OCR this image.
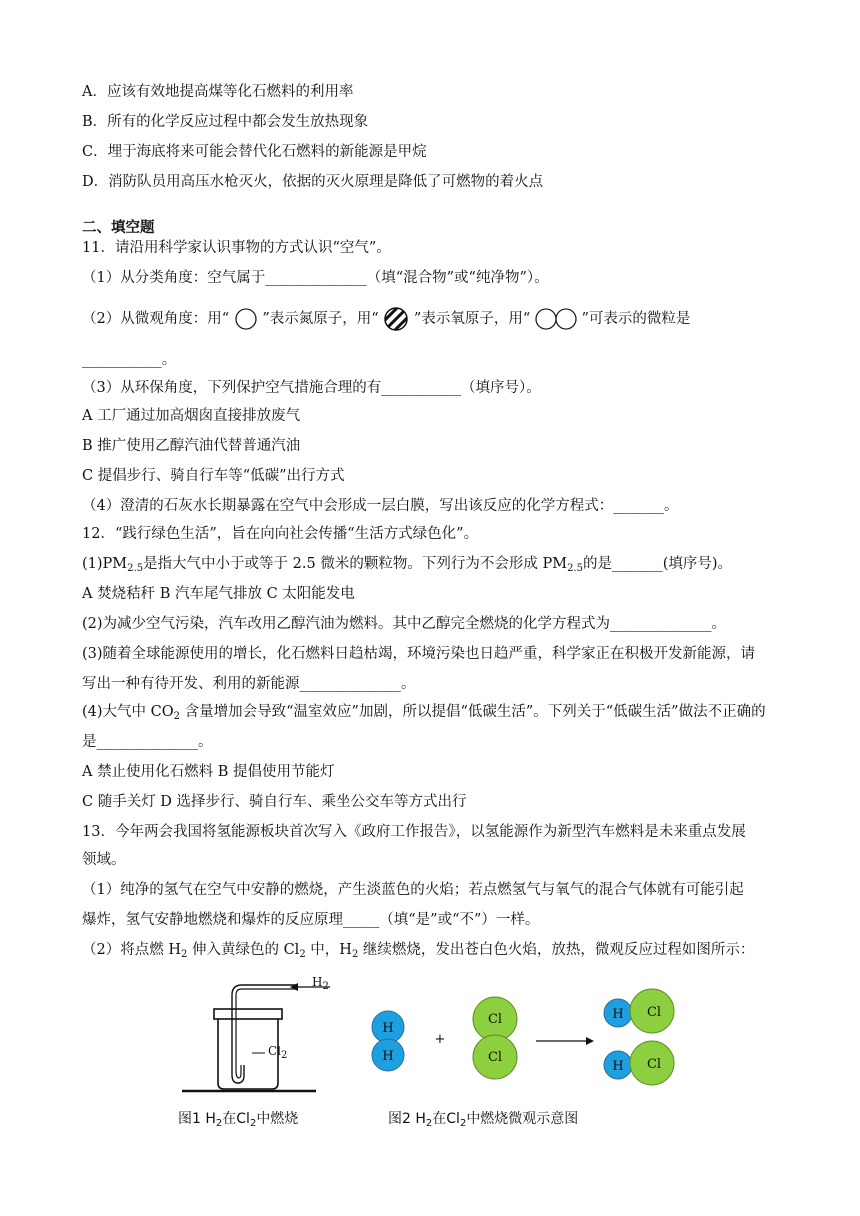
A．应该有效地提高煤等化石燃料的利用率
B．所有的化学反应过程中都会发生放热现象
C．埋于海底将来可能会替代化石燃料的新能源是甲烷
D．消防队员用高压水枪灭火，依据的灭火原理是降低了可燃物的着火点
二、填空题
11．请沿用科学家认识事物的方式认识“空气”。
（1）从分类角度：空气属于______________（填“混合物”或“纯净物”）。
（2）从微观角度：用“ ”表示氮原子，用“ ”表示氧原子，用“	”可表示的微粒是
___________。
（3）从环保角度，下列保护空气措施合理的有___________（填序号）。
A 工厂通过加高烟囱直接排放废气
B 推广使用乙醇汽油代替普通汽油
C 提倡步行、骑自行车等“低碳”出行方式
（4）澄清的石灰水长期暴露在空气中会形成一层白膜，写出该反应的化学方程式：_______。
12．“践行绿色生活”，旨在向向社会传播“生活方式绿色化”。
$(1)PM_{2.5}$是指大气中小于或等于 2.5 微米的颗粒物。下列行为不会形成 $PM_{2.5}$的是_______(填序号)。
A 焚烧秸秆 B 汽车尾气排放 C 太阳能发电
(2)为减少空气污染，汽车改用乙醇汽油为燃料。其中乙醇完全燃烧的化学方程式为______________。
(3)随着全球能源使用的增长，化石燃料日趋枯竭，环境污染也日趋严重，科学家正在积极开发新能源，请
写出一种有待开发、利用的新能源______________。
(4)大气中 $CO_2$ 含量增加会导致“温室效应”加剧，所以提倡“低碳生活”。下列关于“低碳生活”做法不正确的
是______________。
A 禁止使用化石燃料 B 提倡使用节能灯
C 随手关灯 D 选择步行、骑自行车、乘坐公交车等方式出行
13．今年两会我国将氢能源板块首次写入《政府工作报告》，以氢能源作为新型汽车燃料是未来重点发展
领域。
（1）纯净的氢气在空气中安静的燃烧，产生淡蓝色的火焰；若点燃氢气与氧气的混合气体就有可能引起
爆炸，氢气安静地燃烧和爆炸的反应原理_____（填“是”或“不”）一样。
（2）将点燃 $H_2$ 伸入黄绿色的 $Cl_2$ 中，$H_2$ 继续燃烧，发出苍白色火焰，放热，微观反应过程如图所示：
$H_2$
$Cl_2$
图1 $H_2$在$Cl_2$中燃烧
H
H
+
Cl
Cl
H Cl
H Cl
图2 $H_2$在$Cl_2$中燃烧微观示意图
